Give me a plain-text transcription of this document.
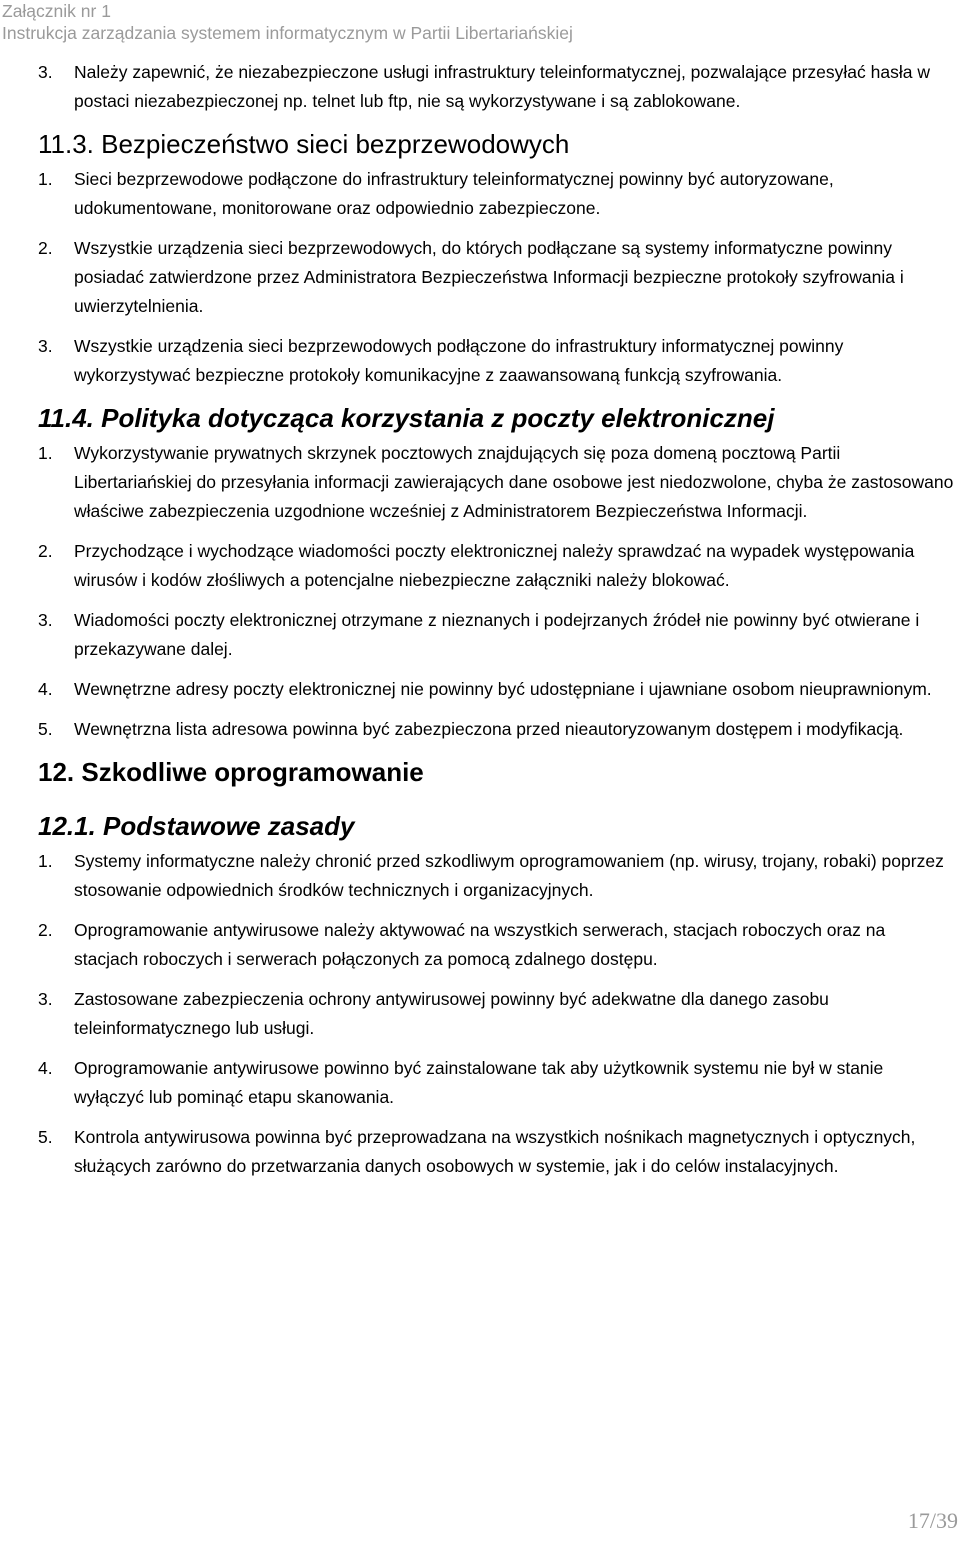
Załącznik nr 1
Instrukcja zarządzania systemem informatycznym w Partii Libertariańskiej
3. Należy zapewnić, że niezabezpieczone usługi infrastruktury teleinformatycznej, pozwalające przesyłać hasła w postaci niezabezpieczonej np. telnet lub ftp, nie są wykorzystywane i są zablokowane.
11.3. Bezpieczeństwo sieci bezprzewodowych
1. Sieci bezprzewodowe podłączone do infrastruktury teleinformatycznej powinny być autoryzowane, udokumentowane, monitorowane oraz odpowiednio zabezpieczone.
2. Wszystkie urządzenia sieci bezprzewodowych, do których podłączane są systemy informatyczne powinny posiadać zatwierdzone przez Administratora Bezpieczeństwa Informacji bezpieczne protokoły szyfrowania i uwierzytelnienia.
3. Wszystkie urządzenia sieci bezprzewodowych podłączone do infrastruktury informatycznej powinny wykorzystywać bezpieczne protokoły komunikacyjne z zaawansowaną funkcją szyfrowania.
11.4. Polityka dotycząca korzystania z poczty elektronicznej
1. Wykorzystywanie prywatnych skrzynek pocztowych znajdujących się poza domeną pocztową Partii Libertariańskiej do przesyłania informacji zawierających dane osobowe jest niedozwolone, chyba że zastosowano właściwe zabezpieczenia uzgodnione wcześniej z Administratorem Bezpieczeństwa Informacji.
2. Przychodzące i wychodzące wiadomości poczty elektronicznej należy sprawdzać na wypadek występowania wirusów i kodów złośliwych a potencjalne niebezpieczne załączniki należy blokować.
3. Wiadomości poczty elektronicznej otrzymane z nieznanych i podejrzanych źródeł nie powinny być otwierane i przekazywane dalej.
4. Wewnętrzne adresy poczty elektronicznej nie powinny być udostępniane i ujawniane osobom nieuprawnionym.
5. Wewnętrzna lista adresowa powinna być zabezpieczona przed nieautoryzowanym dostępem i modyfikacją.
12. Szkodliwe oprogramowanie
12.1. Podstawowe zasady
1. Systemy informatyczne należy chronić przed szkodliwym oprogramowaniem (np. wirusy, trojany, robaki) poprzez stosowanie odpowiednich środków technicznych i organizacyjnych.
2. Oprogramowanie antywirusowe należy aktywować na wszystkich serwerach, stacjach roboczych oraz na stacjach roboczych i serwerach połączonych za pomocą zdalnego dostępu.
3. Zastosowane zabezpieczenia ochrony antywirusowej powinny być adekwatne dla danego zasobu teleinformatycznego lub usługi.
4. Oprogramowanie antywirusowe powinno być zainstalowane tak aby użytkownik systemu nie był w stanie wyłączyć lub pominąć etapu skanowania.
5. Kontrola antywirusowa powinna być przeprowadzana na wszystkich nośnikach magnetycznych i optycznych, służących zarówno do przetwarzania danych osobowych w systemie, jak i do celów instalacyjnych.
17/39
